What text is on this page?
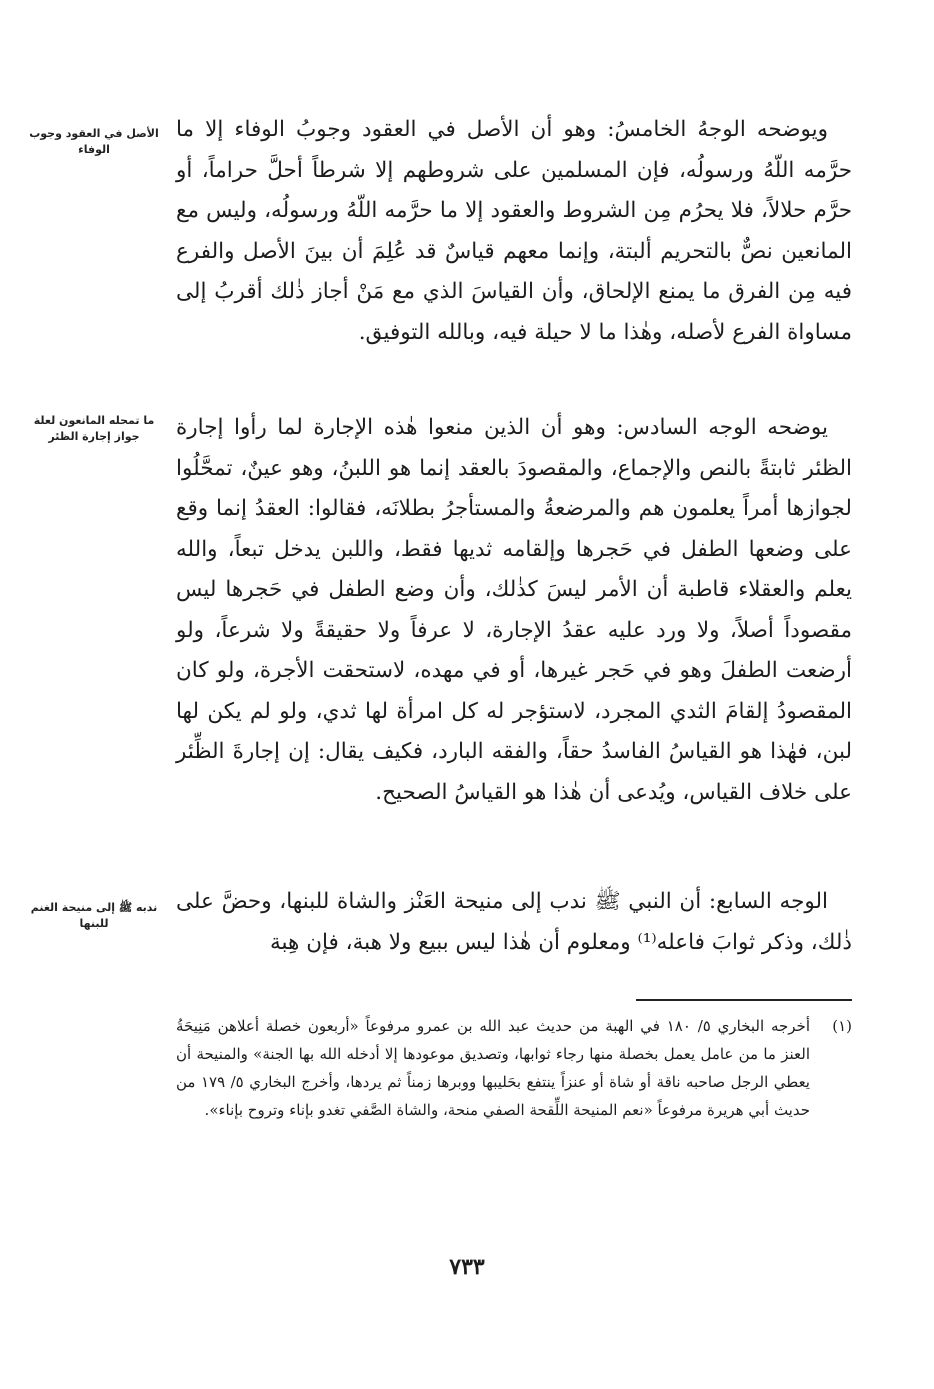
الأصل في العقود وجوب الوفاء
ما تمحله المانعون لعلة جواز إجارة الظئر
ندبه ﷺ إلى منيحة الغنم للبنها

ويوضحه الوجهُ الخامسُ: وهو أن الأصل في العقود وجوبُ الوفاء إلا ما حرَّمه اللّهُ ورسولُه، فإن المسلمين على شروطهم إلا شرطاً أحلَّ حراماً، أو حرَّم حلالاً، فلا يحرُم مِن الشروط والعقود إلا ما حرَّمه اللّهُ ورسولُه، وليس مع المانعين نصٌّ بالتحريم ألبتة، وإنما معهم قياسٌ قد عُلِمَ أن بينَ الأصل والفرع فيه مِن الفرق ما يمنع الإلحاق، وأن القياسَ الذي مع مَنْ أجاز ذٰلك أقربُ إلى مساواة الفرع لأصله، وهٰذا ما لا حيلة فيه، وبالله التوفيق.

يوضحه الوجه السادس: وهو أن الذين منعوا هٰذه الإجارة لما رأوا إجارة الظئر ثابتةً بالنص والإجماع، والمقصودَ بالعقد إنما هو اللبنُ، وهو عينٌ، تمحَّلُوا لجوازها أمراً يعلمون هم والمرضعةُ والمستأجرُ بطلانَه، فقالوا: العقدُ إنما وقع على وضعها الطفل في حَجرها وإلقامه ثديها فقط، واللبن يدخل تبعاً، والله يعلم والعقلاء قاطبة أن الأمر ليسَ كذٰلك، وأن وضع الطفل في حَجرها ليس مقصوداً أصلاً، ولا ورد عليه عقدُ الإجارة، لا عرفاً ولا حقيقةً ولا شرعاً، ولو أرضعت الطفلَ وهو في حَجر غيرها، أو في مهده، لاستحقت الأجرة، ولو كان المقصودُ إلقامَ الثدي المجرد، لاستؤجر له كل امرأة لها ثدي، ولو لم يكن لها لبن، فهٰذا هو القياسُ الفاسدُ حقاً، والفقه البارد، فكيف يقال: إن إجارةَ الظِّئر على خلاف القياس، ويُدعى أن هٰذا هو القياسُ الصحيح.

الوجه السابع: أن النبي ﷺ ندب إلى منيحة العَنْز والشاة للبنها، وحضَّ على ذٰلك، وذكر ثوابَ فاعله⁽¹⁾ ومعلوم أن هٰذا ليس ببيع ولا هبة، فإن هِبة

(١)
أخرجه البخاري ٥/ ١٨٠ في الهبة من حديث عبد الله بن عمرو مرفوعاً «أربعون خصلة أعلاهن مَنِيحَةُ العنز ما من عامل يعمل بخصلة منها رجاء ثوابها، وتصديق موعودها إلا أدخله الله بها الجنة» والمنيحة أن يعطي الرجل صاحبه ناقة أو شاة أو عنزاً ينتفع بحَليبها ووبرها زمناً ثم يردها، وأخرج البخاري ٥/ ١٧٩ من حديث أبي هريرة مرفوعاً «نعم المنيحة اللِّقحة الصفي منحة، والشاة الصَّفي تغدو بإناء وتروح بإناء».
٧٣٣
